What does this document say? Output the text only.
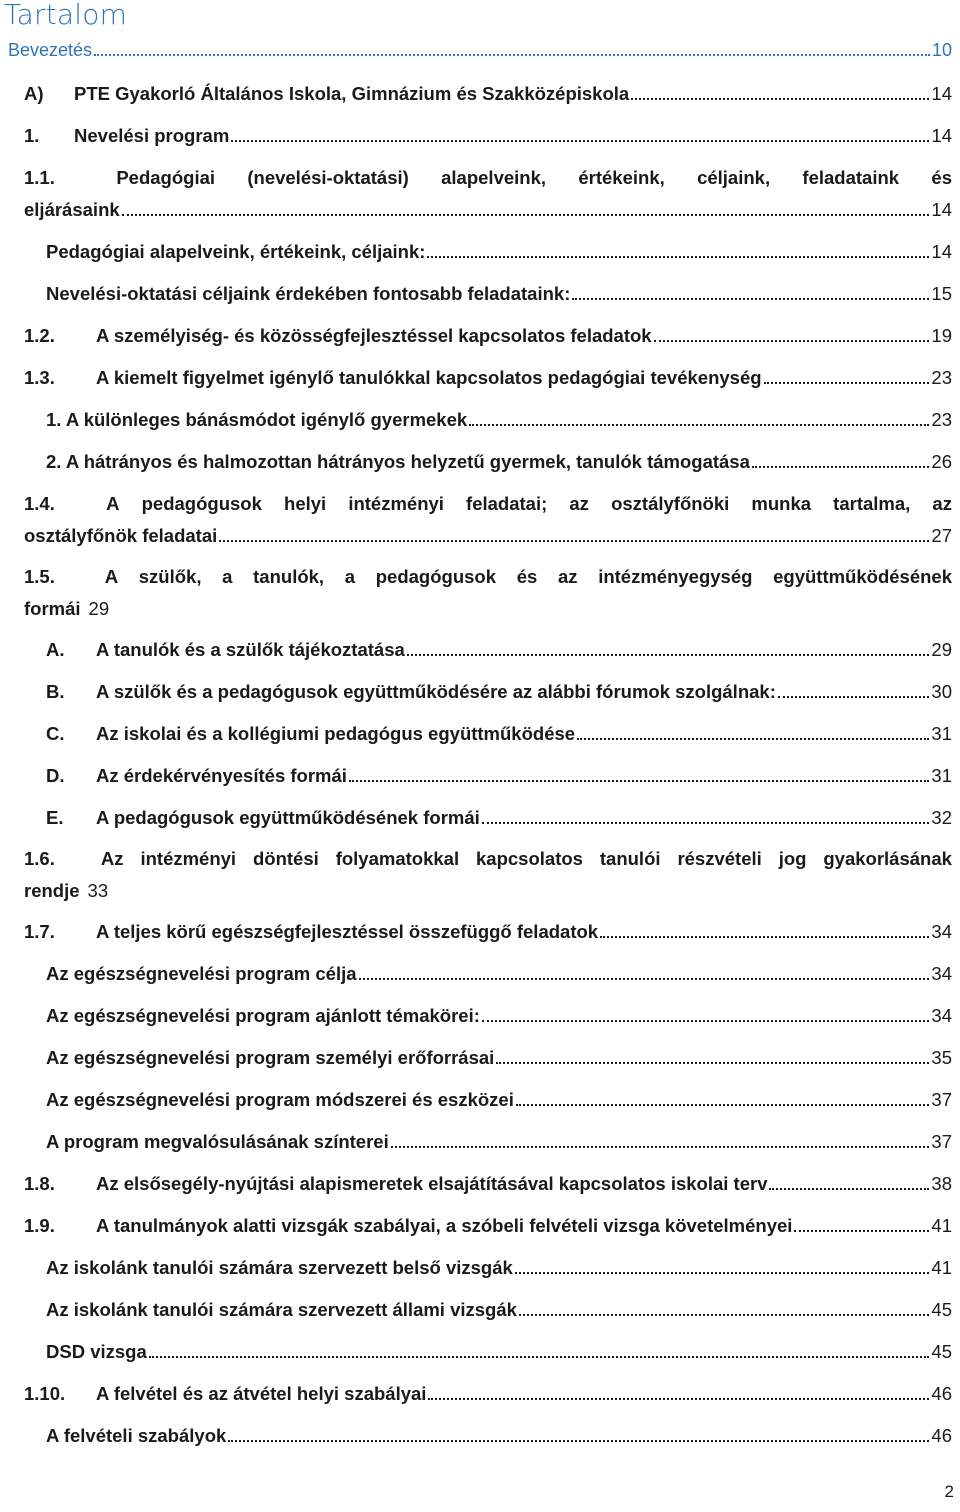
Tartalom
Bevezetés	10
A)	PTE Gyakorló Általános Iskola, Gimnázium és Szakközépiskola	14
1.	Nevelési program	14
1.1.	Pedagógiai (nevelési-oktatási) alapelveink, értékeink, céljaink, feladataink és
eljárásaink	14
Pedagógiai alapelveink, értékeink, céljaink:	14
Nevelési-oktatási céljaink érdekében fontosabb feladataink:	15
1.2.	A személyiség- és közösségfejlesztéssel kapcsolatos feladatok	19
1.3.	A kiemelt figyelmet igénylő tanulókkal kapcsolatos pedagógiai tevékenység	23
1. A különleges bánásmódot igénylő gyermekek	23
2. A hátrányos és halmozottan hátrányos helyzetű gyermek, tanulók támogatása	26
1.4.	A pedagógusok helyi intézményi feladatai; az osztályfőnöki munka tartalma, az
osztályfőnök feladatai	27
1.5.	A szülők, a tanulók, a pedagógusok és az intézményegység együttműködésének
formái 29
A.	A tanulók és a szülők tájékoztatása	29
B.	A szülők és a pedagógusok együttműködésére az alábbi fórumok szolgálnak:	30
C.	Az iskolai és a kollégiumi pedagógus együttműködése	31
D.	Az érdekérvényesítés formái	31
E.	A pedagógusok együttműködésének formái	32
1.6.	Az intézményi döntési folyamatokkal kapcsolatos tanulói részvételi jog gyakorlásának
rendje 33
1.7.	A teljes körű egészségfejlesztéssel összefüggő feladatok	34
Az egészségnevelési program célja	34
Az egészségnevelési program ajánlott témakörei:	34
Az egészségnevelési program személyi erőforrásai	35
Az egészségnevelési program módszerei és eszközei	37
A program megvalósulásának színterei	37
1.8.	Az elsősegély-nyújtási alapismeretek elsajátításával kapcsolatos iskolai terv	38
1.9.	A tanulmányok alatti vizsgák szabályai, a szóbeli felvételi vizsga követelményei	41
Az iskolánk tanulói számára szervezett belső vizsgák	41
Az iskolánk tanulói számára szervezett állami vizsgák	45
DSD vizsga	45
1.10.	A felvétel és az átvétel helyi szabályai	46
A felvételi szabályok	46
2
